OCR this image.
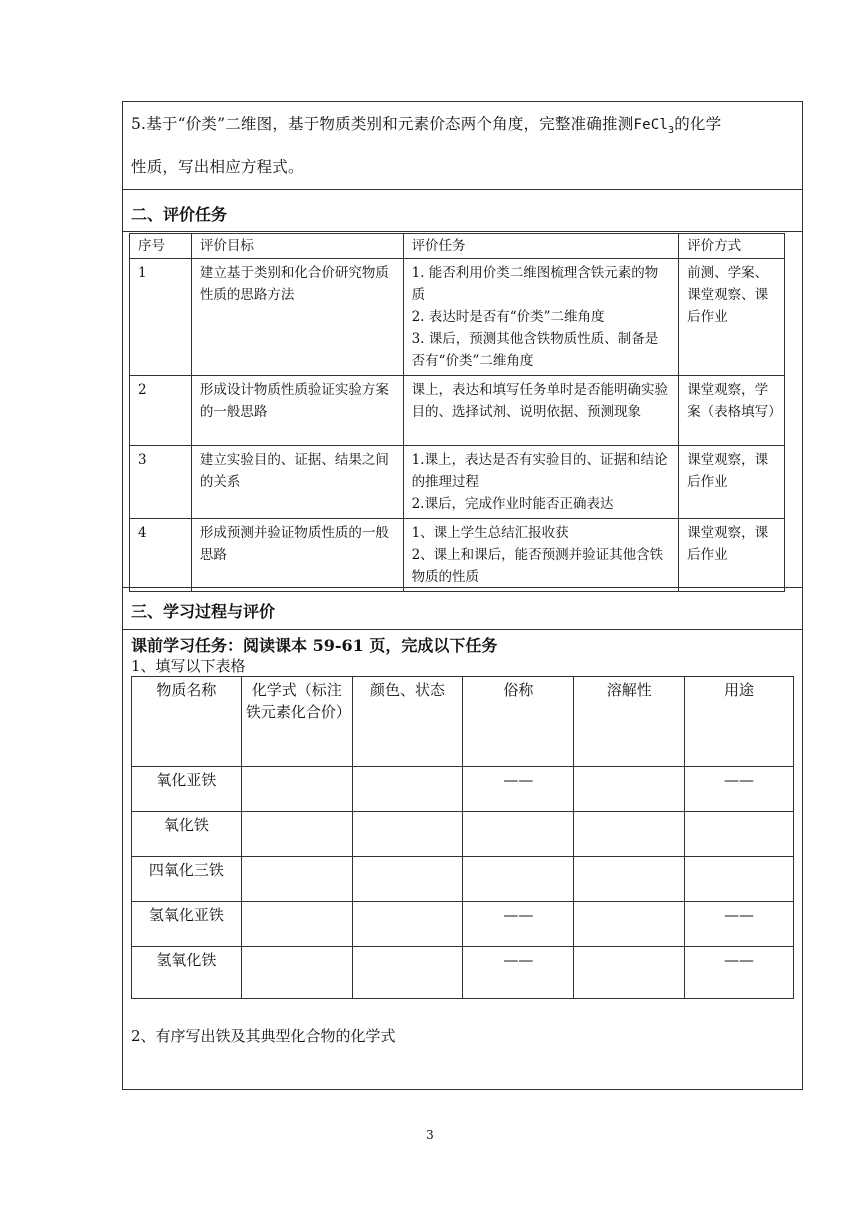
5.基于“价类”二维图，基于物质类别和元素价态两个角度，完整准确推测FeCl$_3$的化学
性质，写出相应方程式。
二、评价任务
序号	评价目标	评价任务	评价方式
1	建立基于类别和化合价研究物质性质的思路方法	1. 能否利用价类二维图梳理含铁元素的物质
2. 表达时是否有“价类”二维角度
3. 课后，预测其他含铁物质性质、制备是否有“价类”二维角度	前测、学案、课堂观察、课后作业
2	形成设计物质性质验证实验方案的一般思路	课上，表达和填写任务单时是否能明确实验目的、选择试剂、说明依据、预测现象	课堂观察，学案（表格填写）
3	建立实验目的、证据、结果之间的关系	1.课上，表达是否有实验目的、证据和结论的推理过程
2.课后，完成作业时能否正确表达	课堂观察，课后作业
4	形成预测并验证物质性质的一般思路	1、课上学生总结汇报收获
2、课上和课后，能否预测并验证其他含铁物质的性质	课堂观察，课后作业
三、学习过程与评价
课前学习任务：阅读课本 59-61 页，完成以下任务
1、填写以下表格
物质名称	化学式（标注铁元素化合价）	颜色、状态	俗称	溶解性	用途
氧化亚铁			——		——
氧化铁					
四氧化三铁					
氢氧化亚铁			——		——
氢氧化铁			——		——
2、有序写出铁及其典型化合物的化学式
3
